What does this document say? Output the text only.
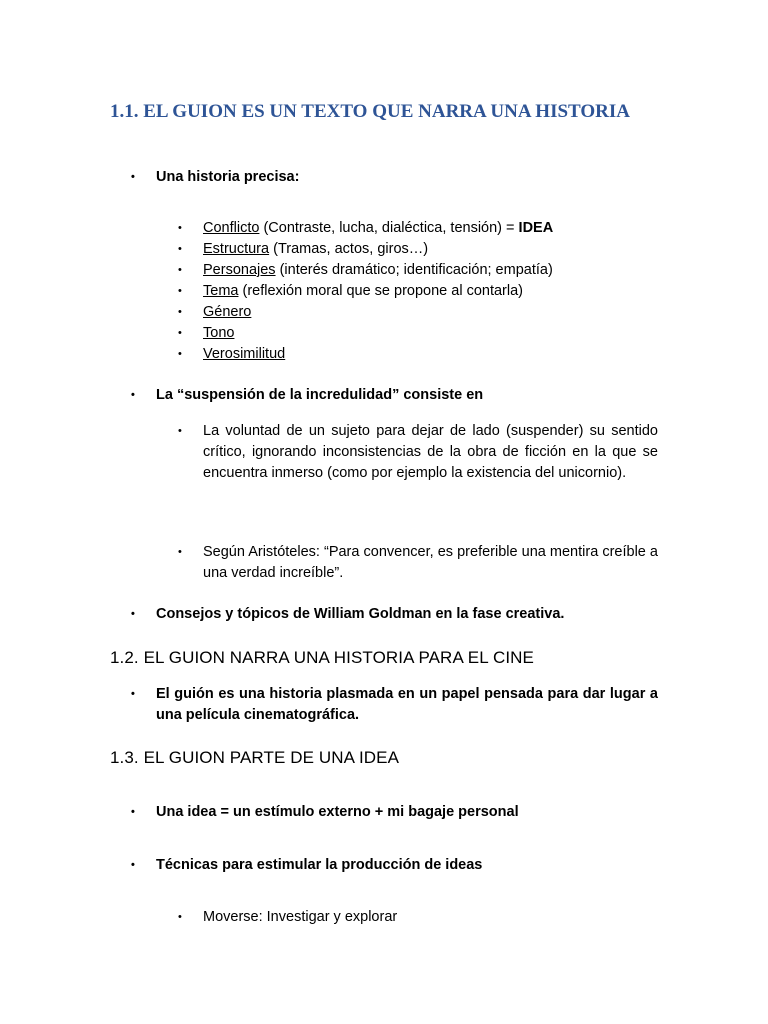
1.1. EL GUION ES UN TEXTO QUE NARRA UNA HISTORIA
•	Una historia precisa:
•	Conflicto (Contraste, lucha, dialéctica, tensión) = IDEA
•	Estructura (Tramas, actos, giros…)
•	Personajes (interés dramático; identificación; empatía)
•	Tema (reflexión moral que se propone al contarla)
•	Género
•	Tono
•	Verosimilitud
•	La “suspensión de la incredulidad” consiste en
•	La voluntad de un sujeto para dejar de lado (suspender) su sentido crítico, ignorando inconsistencias de la obra de ficción en la que se encuentra inmerso (como por ejemplo la existencia del unicornio).
•	Según Aristóteles: “Para convencer, es preferible una mentira creíble a una verdad increíble”.
•	Consejos y tópicos de William Goldman en la fase creativa.
1.2. EL GUION NARRA UNA HISTORIA PARA EL CINE
•	El guión es una historia plasmada en un papel pensada para dar lugar a una película cinematográfica.
1.3. EL GUION PARTE DE UNA IDEA
•	Una idea = un estímulo externo + mi bagaje personal
•	Técnicas para estimular la producción de ideas
•	Moverse: Investigar y explorar
